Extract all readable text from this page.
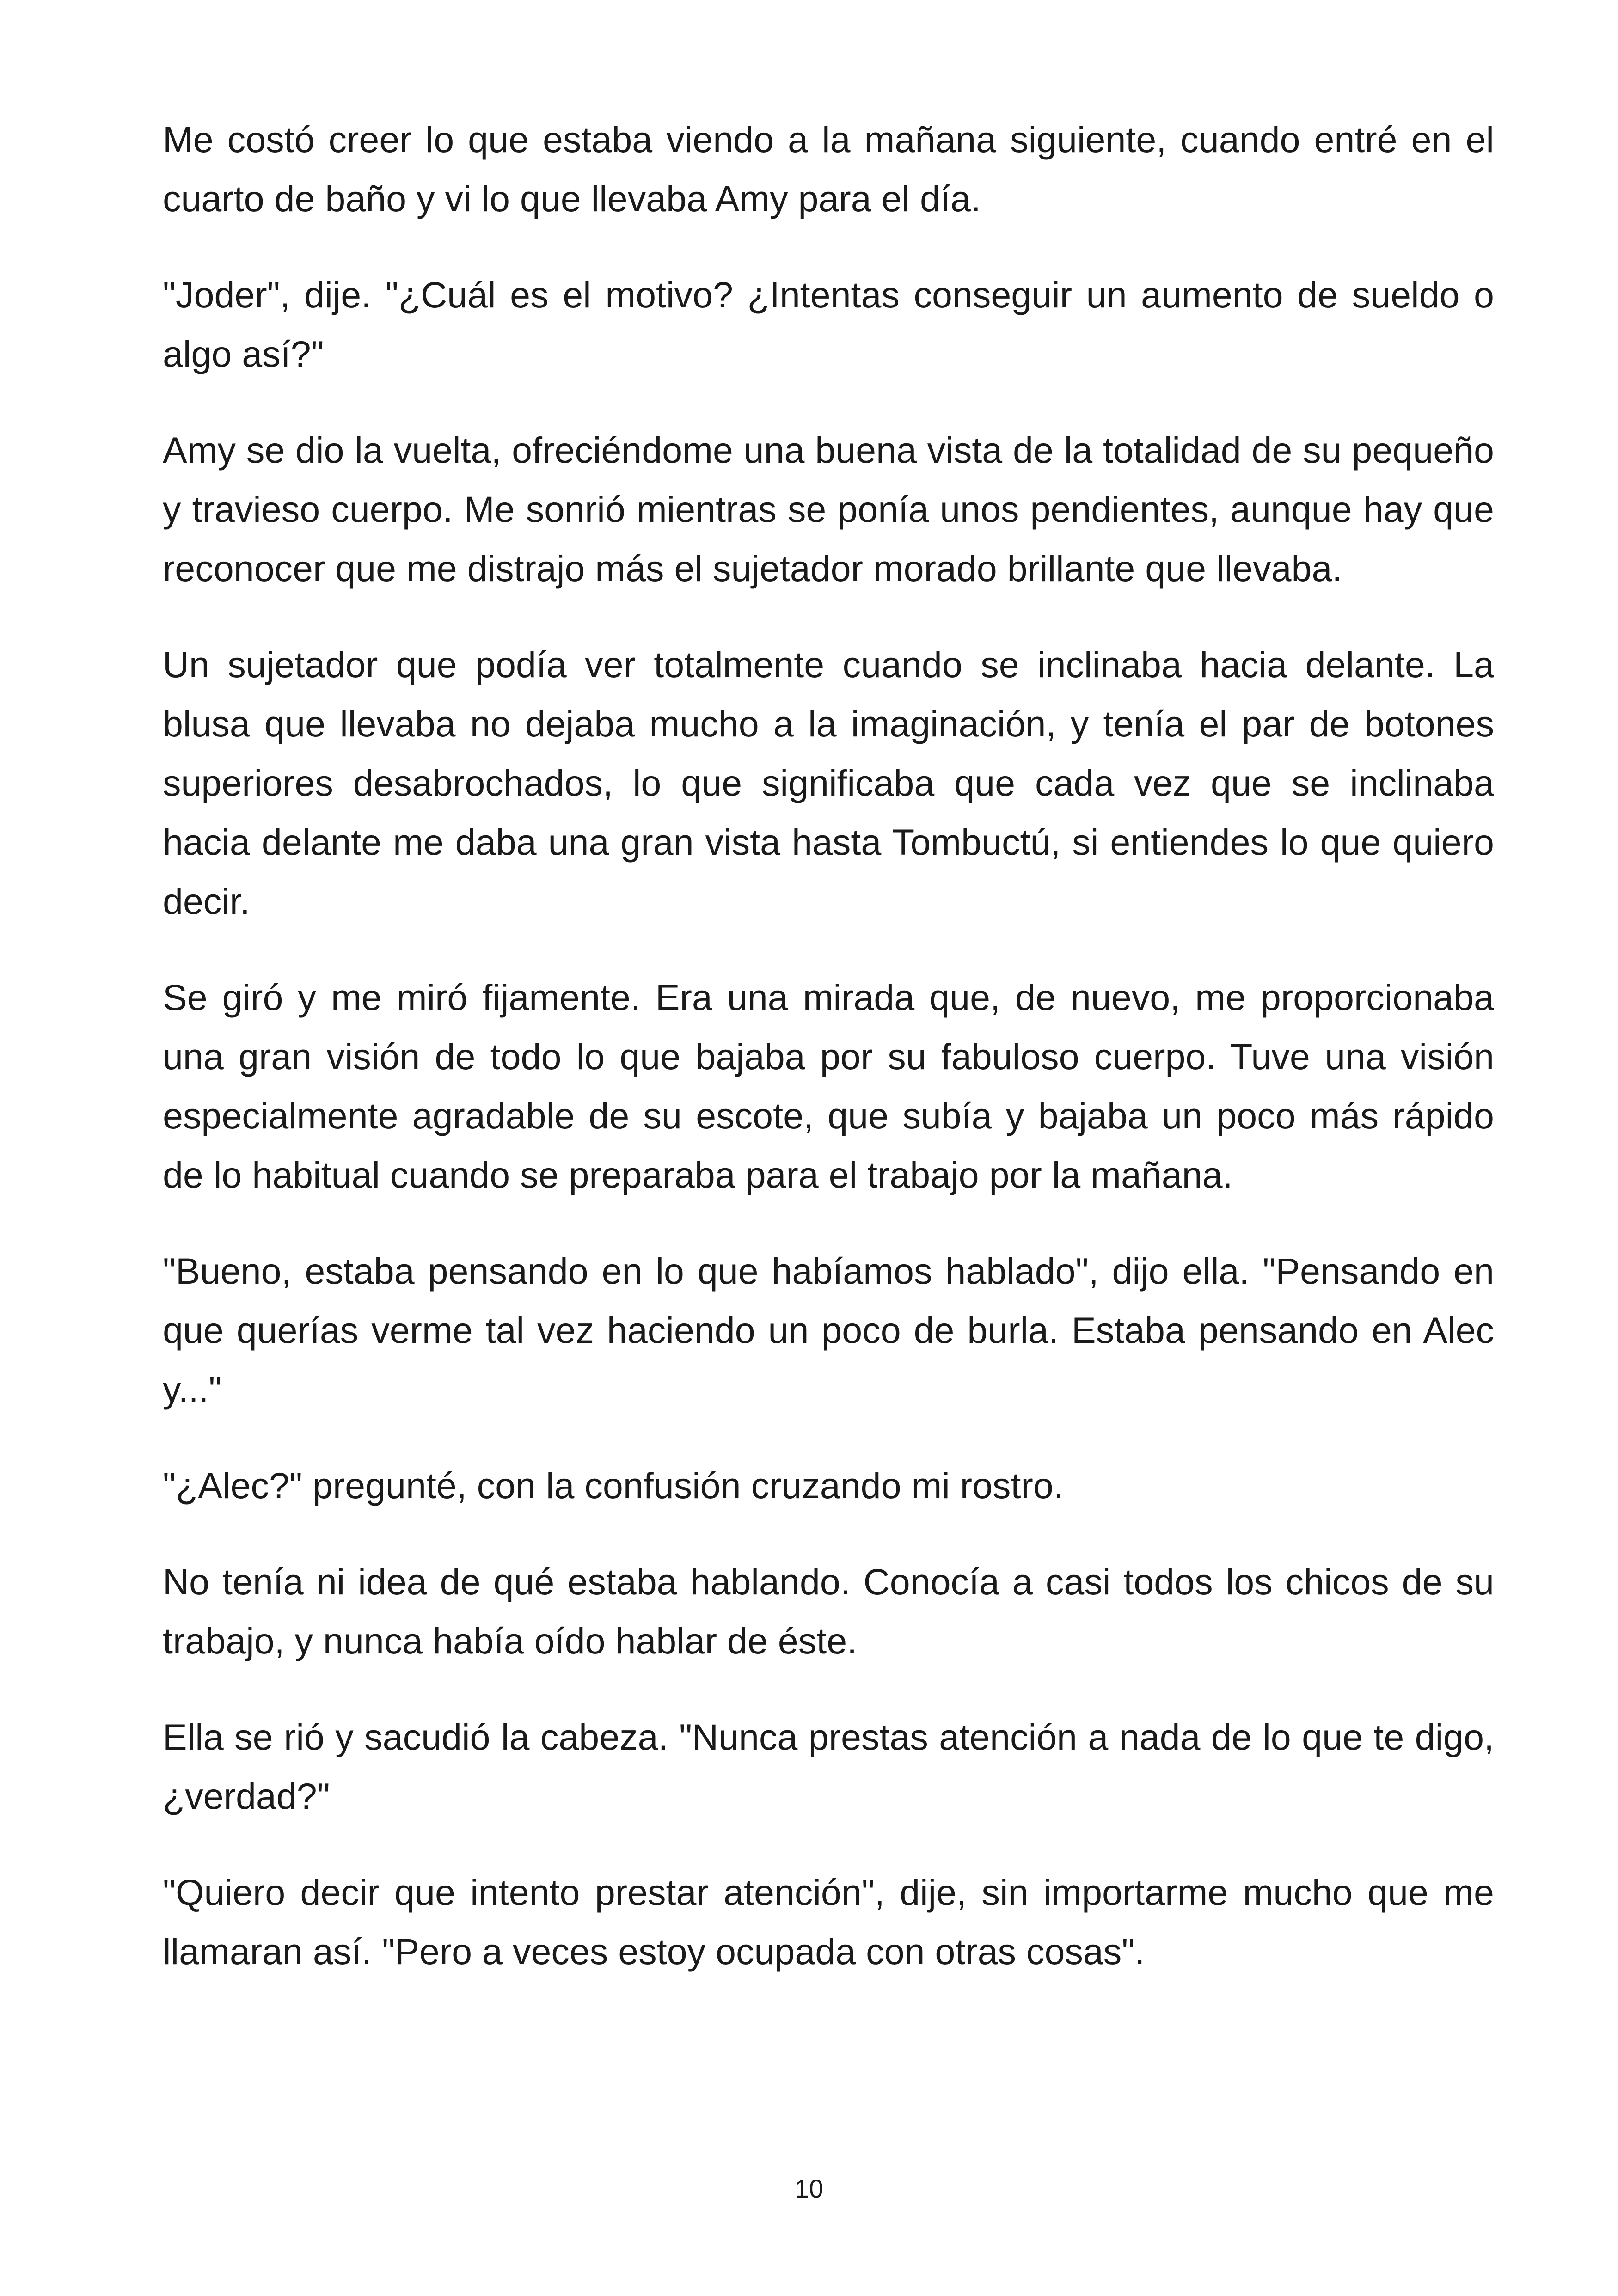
Me costó creer lo que estaba viendo a la mañana siguiente, cuando entré en el cuarto de baño y vi lo que llevaba Amy para el día.

"Joder", dije. "¿Cuál es el motivo? ¿Intentas conseguir un aumento de sueldo o algo así?"

Amy se dio la vuelta, ofreciéndome una buena vista de la totalidad de su pequeño y travieso cuerpo. Me sonrió mientras se ponía unos pendientes, aunque hay que reconocer que me distrajo más el sujetador morado brillante que llevaba.

Un sujetador que podía ver totalmente cuando se inclinaba hacia delante. La blusa que llevaba no dejaba mucho a la imaginación, y tenía el par de botones superiores desabrochados, lo que significaba que cada vez que se inclinaba hacia delante me daba una gran vista hasta Tombuctú, si entiendes lo que quiero decir.

Se giró y me miró fijamente. Era una mirada que, de nuevo, me proporcionaba una gran visión de todo lo que bajaba por su fabuloso cuerpo. Tuve una visión especialmente agradable de su escote, que subía y bajaba un poco más rápido de lo habitual cuando se preparaba para el trabajo por la mañana.

"Bueno, estaba pensando en lo que habíamos hablado", dijo ella. "Pensando en que querías verme tal vez haciendo un poco de burla. Estaba pensando en Alec y..."

"¿Alec?" pregunté, con la confusión cruzando mi rostro.

No tenía ni idea de qué estaba hablando. Conocía a casi todos los chicos de su trabajo, y nunca había oído hablar de éste.

Ella se rió y sacudió la cabeza. "Nunca prestas atención a nada de lo que te digo, ¿verdad?"

"Quiero decir que intento prestar atención", dije, sin importarme mucho que me llamaran así. "Pero a veces estoy ocupada con otras cosas".

10
